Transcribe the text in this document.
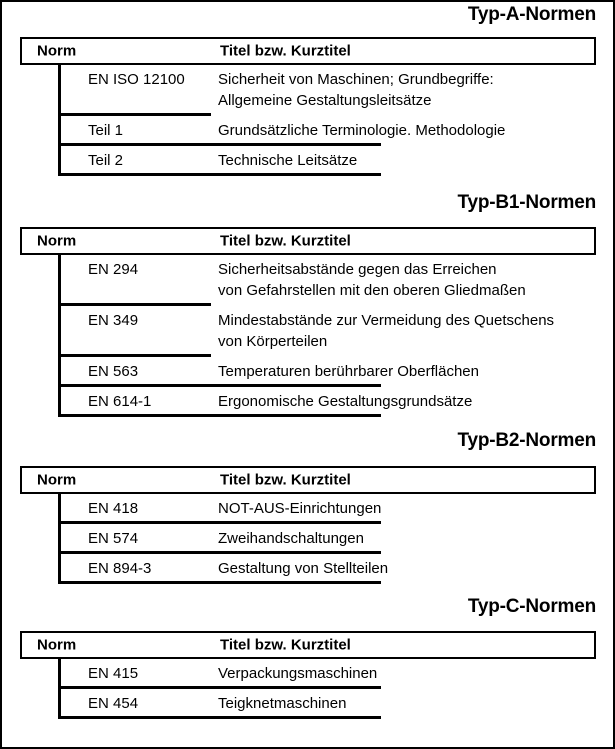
Typ-A-Normen
Norm	Titel bzw. Kurztitel
EN ISO 12100 Sicherheit von Maschinen; Grundbegriffe:
Allgemeine Gestaltungsleitsätze
Teil 1	Grundsätzliche Terminologie. Methodologie
Teil 2	Technische Leitsätze
Typ-B1-Normen
Norm	Titel bzw. Kurztitel
EN 294	Sicherheitsabstände gegen das Erreichen
von Gefahrstellen mit den oberen Gliedmaßen
EN 349	Mindestabstände zur Vermeidung des Quetschens
von Körperteilen
EN 563	Temperaturen berührbarer Oberflächen
EN 614-1	Ergonomische Gestaltungsgrundsätze
Typ-B2-Normen
Norm	Titel bzw. Kurztitel
EN 418	NOT-AUS-Einrichtungen
EN 574	Zweihandschaltungen
EN 894-3	Gestaltung von Stellteilen
Typ-C-Normen
Norm	Titel bzw. Kurztitel
EN 415	Verpackungsmaschinen
EN 454	Teigknetmaschinen
